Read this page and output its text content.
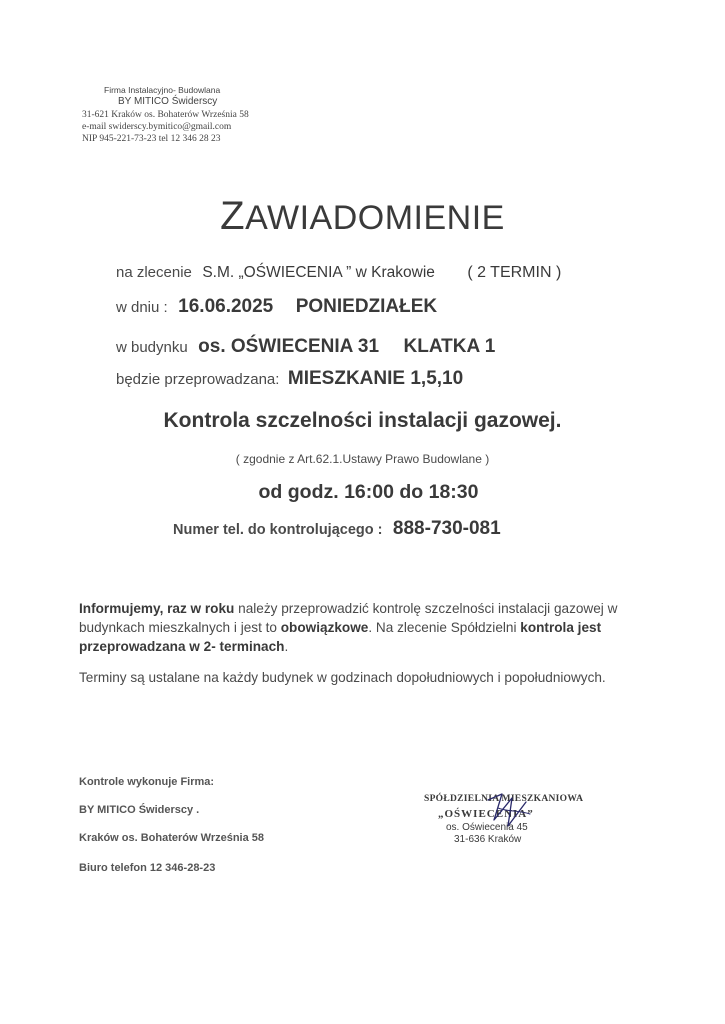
Firma Instalacyjno- Budowlana
BY MITICO Świderscy
31-621 Kraków os. Bohaterów Września 58
e-mail swiderscy.bymitico@gmail.com
NIP 945-221-73-23 tel 12 346 28 23
ZAWIADOMIENIE
na zlecenie S.M. „OŚWIECENIA ” w Krakowie ( 2 TERMIN )
w dniu : 16.06.2025 PONIEDZIAŁEK
w budynku os. OŚWIECENIA 31 KLATKA 1
będzie przeprowadzana: MIESZKANIE 1,5,10
Kontrola szczelności instalacji gazowej.
( zgodnie z Art.62.1.Ustawy Prawo Budowlane )
od godz. 16:00 do 18:30
Numer tel. do kontrolującego : 888-730-081
Informujemy, raz w roku należy przeprowadzić kontrolę szczelności instalacji gazowej w budynkach mieszkalnych i jest to obowiązkowe. Na zlecenie Spółdzielni kontrola jest przeprowadzana w 2- terminach.
Terminy są ustalane na każdy budynek w godzinach dopołudniowych i popołudniowych.
Kontrole wykonuje Firma:
BY MITICO Świderscy .
Kraków os. Bohaterów Września 58
Biuro telefon 12 346-28-23
SPÓŁDZIELNIA MIESZKANIOWA
„OŚWIECENIA”
os. Oświecenia 45
31-636 Kraków
